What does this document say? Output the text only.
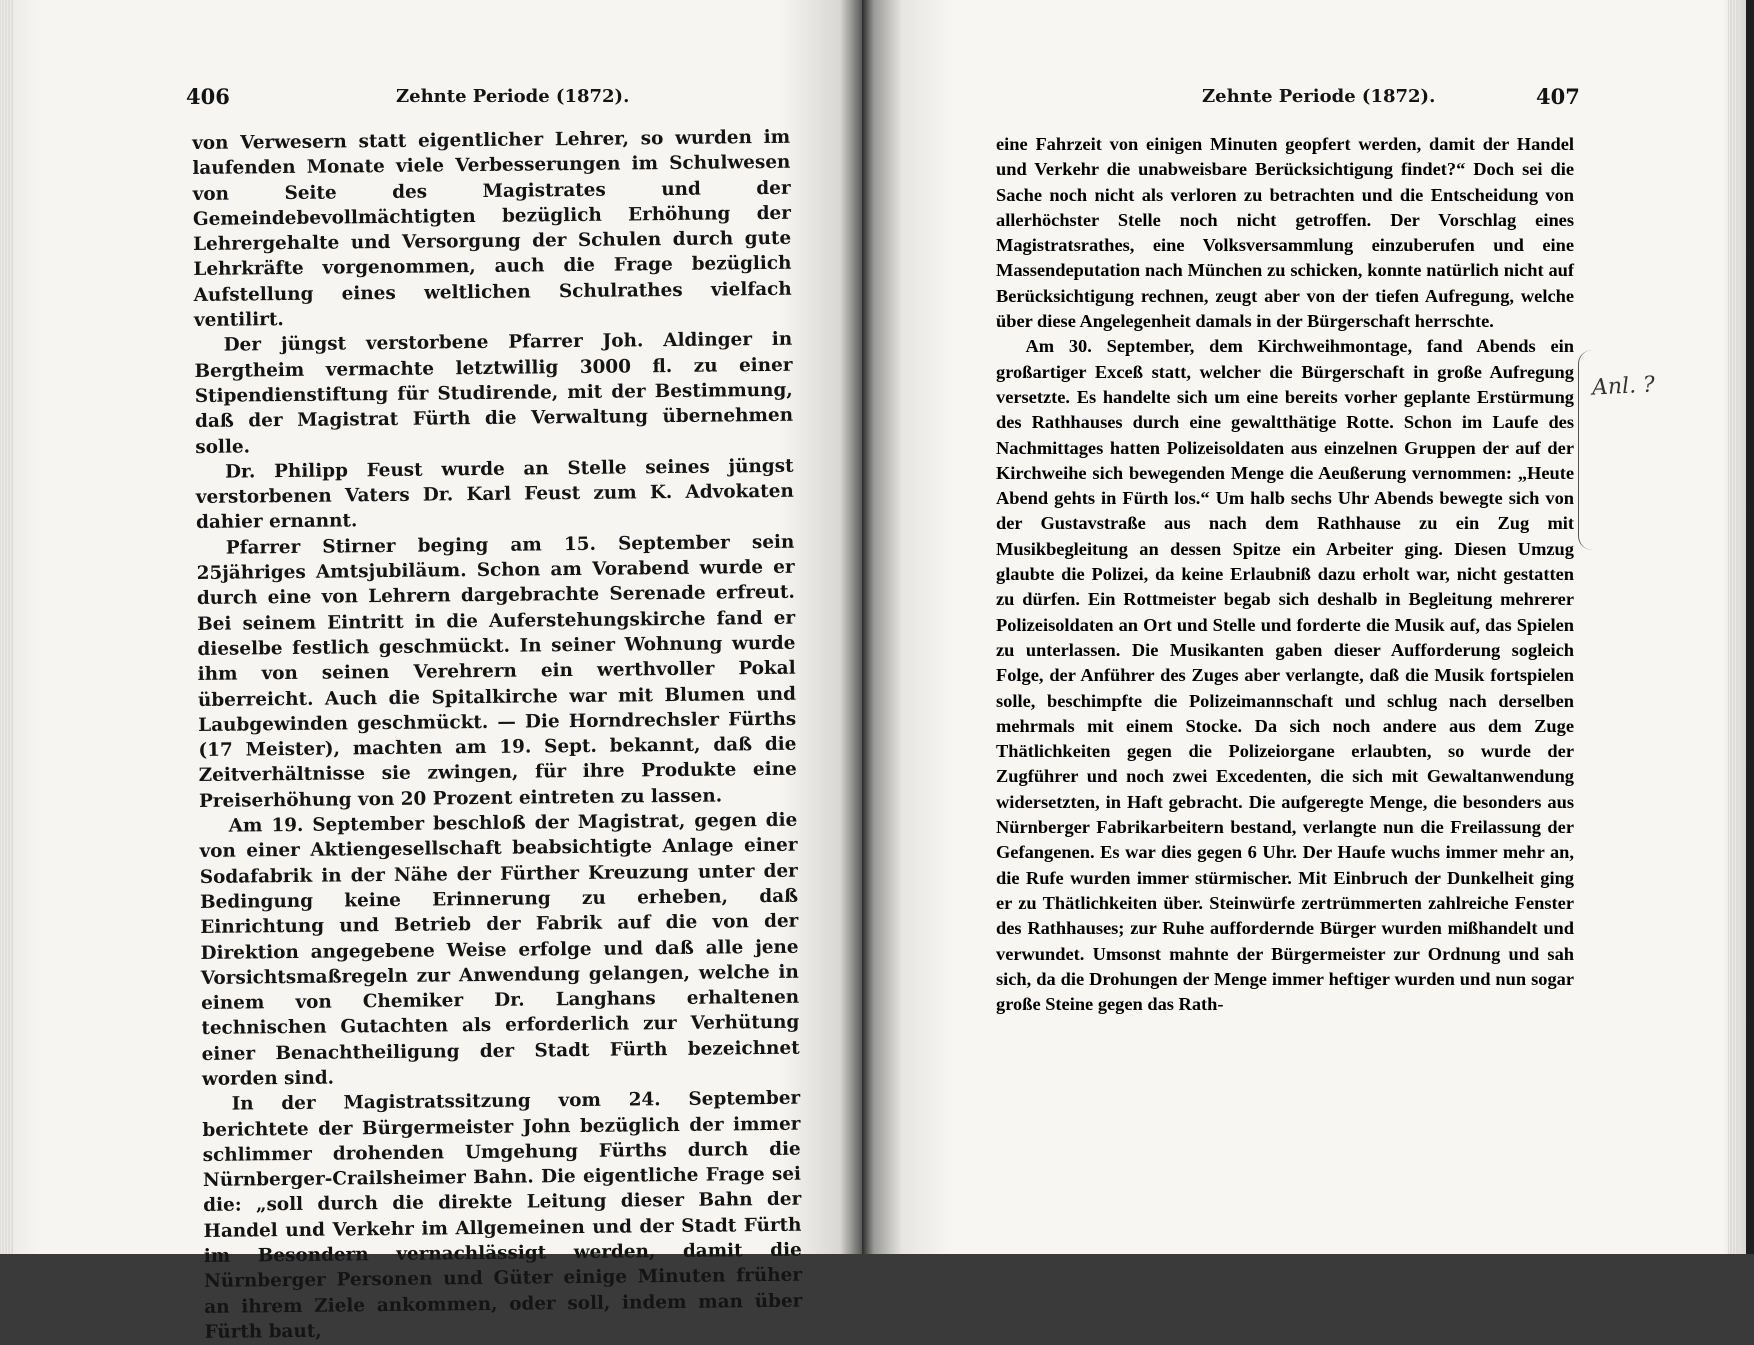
406	Zehnte Periode (1872).

von Verwesern statt eigentlicher Lehrer, so wurden im laufenden Monate viele Verbesserungen im Schulwesen von Seite des Magistrates und der Gemeindebevollmächtigten bezüglich Erhöhung der Lehrergehalte und Versorgung der Schulen durch gute Lehrkräfte vorgenommen, auch die Frage bezüglich Aufstellung eines weltlichen Schulrathes vielfach ventilirt.

Der jüngst verstorbene Pfarrer Joh. Aldinger in Bergtheim vermachte letztwillig 3000 fl. zu einer Stipendienstiftung für Studirende, mit der Bestimmung, daß der Magistrat Fürth die Verwaltung übernehmen solle.

Dr. Philipp Feust wurde an Stelle seines jüngst verstorbenen Vaters Dr. Karl Feust zum K. Advokaten dahier ernannt.

Pfarrer Stirner beging am 15. September sein 25jähriges Amtsjubiläum. Schon am Vorabend wurde er durch eine von Lehrern dargebrachte Serenade erfreut. Bei seinem Eintritt in die Auferstehungskirche fand er dieselbe festlich geschmückt. In seiner Wohnung wurde ihm von seinen Verehrern ein werthvoller Pokal überreicht. Auch die Spitalkirche war mit Blumen und Laubgewinden geschmückt. — Die Horndrechsler Fürths (17 Meister), machten am 19. Sept. bekannt, daß die Zeitverhältnisse sie zwingen, für ihre Produkte eine Preiserhöhung von 20 Prozent eintreten zu lassen.

Am 19. September beschloß der Magistrat, gegen die von einer Aktiengesellschaft beabsichtigte Anlage einer Sodafabrik in der Nähe der Fürther Kreuzung unter der Bedingung keine Erinnerung zu erheben, daß Einrichtung und Betrieb der Fabrik auf die von der Direktion angegebene Weise erfolge und daß alle jene Vorsichtsmaßregeln zur Anwendung gelangen, welche in einem von Chemiker Dr. Langhans erhaltenen technischen Gutachten als erforderlich zur Verhütung einer Benachtheiligung der Stadt Fürth bezeichnet worden sind.

In der Magistratssitzung vom 24. September berichtete der Bürgermeister John bezüglich der immer schlimmer drohenden Umgehung Fürths durch die Nürnberger-Crailsheimer Bahn. Die eigentliche Frage sei die: „soll durch die direkte Leitung dieser Bahn der Handel und Verkehr im Allgemeinen und der Stadt Fürth im Besondern vernachlässigt werden, damit die Nürnberger Personen und Güter einige Minuten früher an ihrem Ziele ankommen, oder soll, indem man über Fürth baut,

Zehnte Periode (1872).	407

eine Fahrzeit von einigen Minuten geopfert werden, damit der Handel und Verkehr die unabweisbare Berücksichtigung findet?“ Doch sei die Sache noch nicht als verloren zu betrachten und die Entscheidung von allerhöchster Stelle noch nicht getroffen. Der Vorschlag eines Magistratsrathes, eine Volksversammlung einzuberufen und eine Massendeputation nach München zu schicken, konnte natürlich nicht auf Berücksichtigung rechnen, zeugt aber von der tiefen Aufregung, welche über diese Angelegenheit damals in der Bürgerschaft herrschte.

Am 30. September, dem Kirchweihmontage, fand Abends ein großartiger Exceß statt, welcher die Bürgerschaft in große Aufregung versetzte. Es handelte sich um eine bereits vorher geplante Erstürmung des Rathhauses durch eine gewaltthätige Rotte. Schon im Laufe des Nachmittages hatten Polizeisoldaten aus einzelnen Gruppen der auf der Kirchweihe sich bewegenden Menge die Aeußerung vernommen: „Heute Abend gehts in Fürth los.“ Um halb sechs Uhr Abends bewegte sich von der Gustavstraße aus nach dem Rathhause zu ein Zug mit Musikbegleitung an dessen Spitze ein Arbeiter ging. Diesen Umzug glaubte die Polizei, da keine Erlaubniß dazu erholt war, nicht gestatten zu dürfen. Ein Rottmeister begab sich deshalb in Begleitung mehrerer Polizeisoldaten an Ort und Stelle und forderte die Musik auf, das Spielen zu unterlassen. Die Musikanten gaben dieser Aufforderung sogleich Folge, der Anführer des Zuges aber verlangte, daß die Musik fortspielen solle, beschimpfte die Polizeimannschaft und schlug nach derselben mehrmals mit einem Stocke. Da sich noch andere aus dem Zuge Thätlichkeiten gegen die Polizeiorgane erlaubten, so wurde der Zugführer und noch zwei Excedenten, die sich mit Gewaltanwendung widersetzten, in Haft gebracht. Die aufgeregte Menge, die besonders aus Nürnberger Fabrikarbeitern bestand, verlangte nun die Freilassung der Gefangenen. Es war dies gegen 6 Uhr. Der Haufe wuchs immer mehr an, die Rufe wurden immer stürmischer. Mit Einbruch der Dunkelheit ging er zu Thätlichkeiten über. Steinwürfe zertrümmerten zahlreiche Fenster des Rathhauses; zur Ruhe auffordernde Bürger wurden mißhandelt und verwundet. Umsonst mahnte der Bürgermeister zur Ordnung und sah sich, da die Drohungen der Menge immer heftiger wurden und nun sogar große Steine gegen das Rath-

Anl. ?
